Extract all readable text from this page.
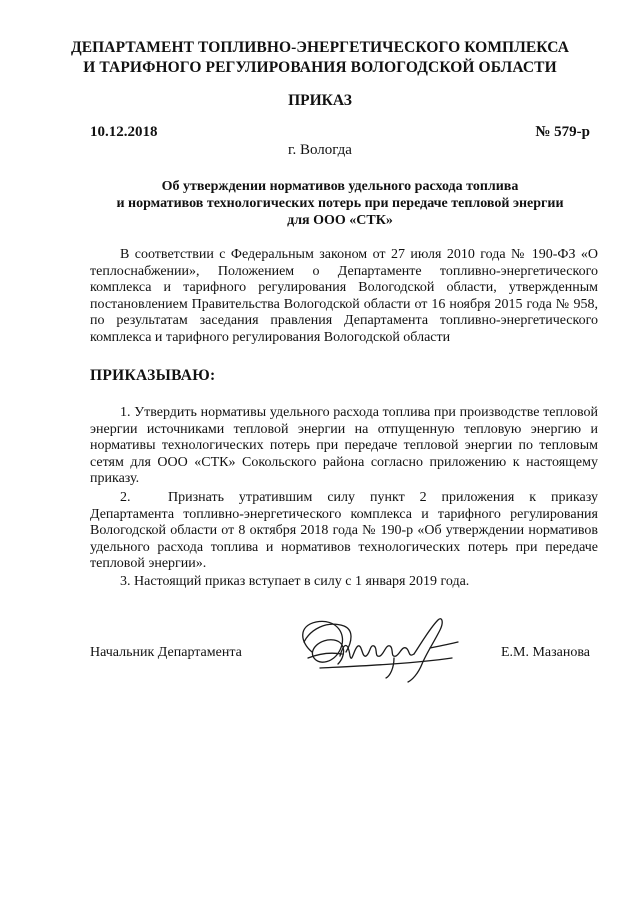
ДЕПАРТАМЕНТ ТОПЛИВНО-ЭНЕРГЕТИЧЕСКОГО КОМПЛЕКСА
И ТАРИФНОГО РЕГУЛИРОВАНИЯ ВОЛОГОДСКОЙ ОБЛАСТИ
ПРИКАЗ
10.12.2018	№ 579-р
г. Вологда
Об утверждении нормативов удельного расхода топлива
и нормативов технологических потерь при передаче тепловой энергии
для ООО «СТК»
В соответствии с Федеральным законом от 27 июля 2010 года № 190-ФЗ «О теплоснабжении», Положением о Департаменте топливно-энергетического комплекса и тарифного регулирования Вологодской области, утвержденным постановлением Правительства Вологодской области от 16 ноября 2015 года № 958, по результатам заседания правления Департамента топливно-энергетического комплекса и тарифного регулирования Вологодской области
ПРИКАЗЫВАЮ:
1. Утвердить нормативы удельного расхода топлива при производстве тепловой энергии источниками тепловой энергии на отпущенную тепловую энергию и нормативы технологических потерь при передаче тепловой энергии по тепловым сетям для ООО «СТК» Сокольского района согласно приложению к настоящему приказу.
2.	Признать утратившим силу пункт 2 приложения к приказу Департамента топливно-энергетического комплекса и тарифного регулирования Вологодской области от 8 октября 2018 года № 190-р «Об утверждении нормативов удельного расхода топлива и нормативов технологических потерь при передаче тепловой энергии».
3. Настоящий приказ вступает в силу с 1 января 2019 года.
Начальник Департамента	Е.М. Мазанова
